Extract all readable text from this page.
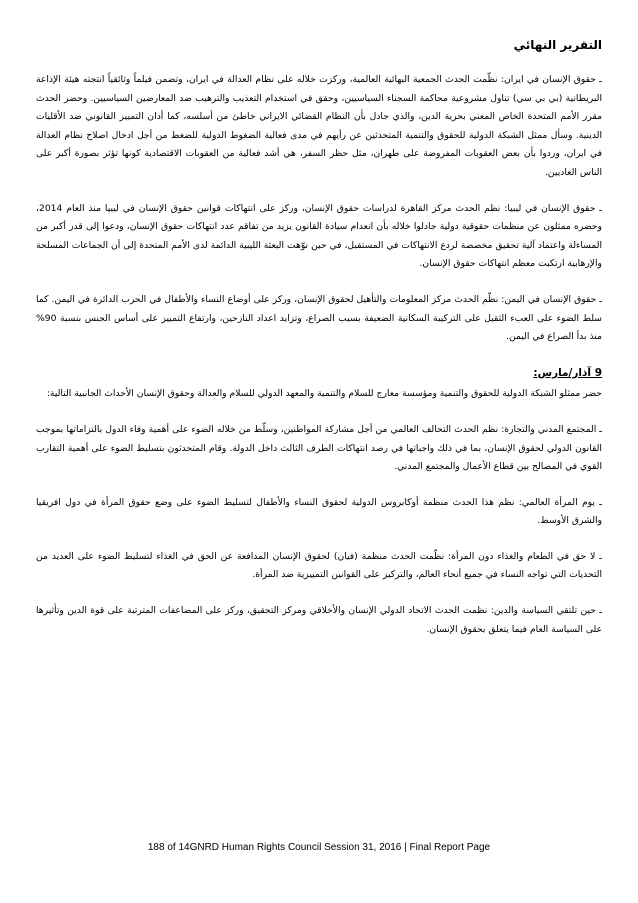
التقرير النهائي

ـ حقوق الإنسان في ايران: نظّمت الحدث الجمعية البهائية العالمية، وركزت خلاله على نظام العدالة في ايران، وتضمن فيلماً وثائقياً انتجته هيئة الإذاعة البريطانية (بي بي سي) تناول مشروعية محاكمة السجناء السياسيين، وحقق في استخدام التعذيب والترهيب ضد المعارضين السياسيين. وحضر الحدث مقرر الأمم المتحدة الخاص المعني بحرية الدين، والذي جادل بأن النظام القضائي الايراني خاطئ من أسلسه، كما أدان التمييز القانوني ضد الأقليات الدينية. وسأل ممثل الشبكة الدولية للحقوق والتنمية المتحدثين عن رأيهم في مدى فعالية الضغوط الدولية للضغط من أجل ادخال اصلاح نظام العدالة في ايران، وردوا بأن بعض العقوبات المفروضة على طهران، مثل حظر السفر، هي أشد فعالية من العقوبات الاقتصادية كونها تؤثر بصورة أكبر على الناس العاديين.

ـ حقوق الإنسان في ليبيا: نظم الحدث مركز القاهرة لدراسات حقوق الإنسان، وركز على انتهاكات قوانين حقوق الإنسان في ليبيا منذ العام 2014، وحضره ممثلون عن منظمات حقوقية دولية جادلوا خلاله بأن انعدام سيادة القانون يزيد من تفاقم عدد انتهاكات حقوق الإنسان، ودعوا إلى قدر أكبر من المساءلة واعتماد آلية تحقيق مخصصة لردع الانتهاكات في المستقبل، في حين نوّهت البعثة الليبية الدائمة لدى الأمم المتحدة إلى أن الجماعات المسلحة والإرهابية ارتكبت معظم انتهاكات حقوق الإنسان.

ـ حقوق الإنسان في اليمن: نظّم الحدث مركز المعلومات والتأهيل لحقوق الإنسان، وركز على أوضاع النساء والأطفال في الحرب الدائرة في اليمن. كما سلط الضوء على العبء الثقيل على التركيبة السكانية الضعيفة بسبب الصراع، وتزايد اعداد النازحين، وارتفاع التمييز على أساس الجنس بنسبة 90% منذ بدأ الصراع في اليمن.

9 آذار/مارس:
حضر ممثلو الشبكة الدولية للحقوق والتنمية ومؤسسة معارج للسلام والتنمية والمعهد الدولي للسلام والعدالة وحقوق الإنسان الأحداث الجانبية التالية:

ـ المجتمع المدني والتجارة: نظم الحدث التحالف العالمي من أجل مشاركة المواطنين، وسلّط من خلاله الضوء على أهمية وفاء الدول بالتزاماتها بموجب القانون الدولي لحقوق الإنسان، بما في ذلك واجباتها في رصد انتهاكات الطرف الثالث داخل الدولة. وقام المتحدثون بتسليط الضوء على أهمية التقارب القوي في المصالح بين قطاع الأعمال والمجتمع المدني.

ـ يوم المرأة العالمي: نظم هذا الحدث منظمة أوكابروس الدولية لحقوق النساء والأطفال لتسليط الضوء على وضع حقوق المرأة في دول افريقيا والشرق الأوسط.

ـ لا حق في الطعام والغذاء دون المرأة: نظّمت الحدث منظمة (فيان) لحقوق الإنسان المدافعة عن الحق في الغذاء لتسليط الضوء على العديد من التحديات التي تواجه النساء في جميع أنحاء العالم، والتركيز على القوانين التمييزية ضد المرأة.

ـ حين تلتقي السياسة والدين: نظمت الحدث الاتحاد الدولي الإنسان والأخلاقي ومركز التحقيق، وركز على المضاعفات المترتبة على قوة الدين وتأثيرها على السياسة العام فيما يتعلق بحقوق الإنسان.

188 of 14GNRD Human Rights Council Session 31, 2016 | Final Report Page
